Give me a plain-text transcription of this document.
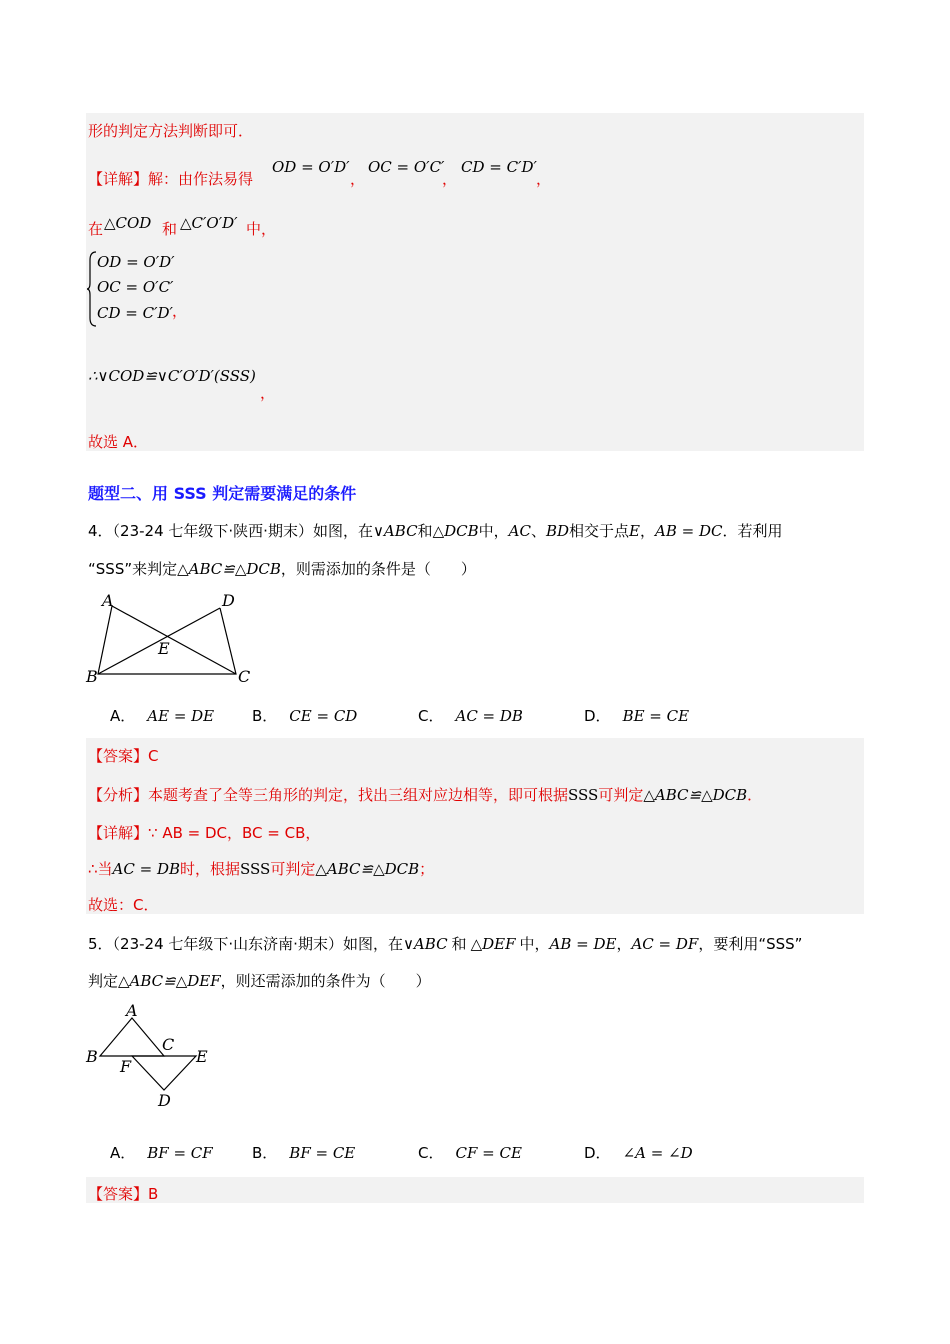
形的判定方法判断即可．
【详解】解：由作法易得
OD = O′D′
，
OC = O′C′
，
CD = C′D′
，
在 △COD 和 △C′O′D′ 中，
OD = O′D′
OC = O′C′
CD = C′D′ ，
∴∨COD≌∨C′O′D′(SSS)
，
故选 A．
题型二、用 SSS 判定需要满足的条件
4．（23-24 七年级下·陕西·期末）如图，在∨ABC和△DCB中，AC、BD相交于点E，AB = DC．若利用
“SSS”来判定△ABC≌△DCB，则需添加的条件是（　　）
A	D
E
B	C
A． AE = DE	B． CE = CD	C． AC = DB	D． BE = CE
【答案】C
【分析】本题考查了全等三角形的判定，找出三组对应边相等，即可根据SSS可判定△ABC≌△DCB．
【详解】∵ AB = DC，BC = CB，
∴当AC = DB时，根据SSS可判定△ABC≌△DCB；
故选：C．
5．（23-24 七年级下·山东济南·期末）如图，在∨ABC 和 △DEF 中，AB = DE，AC = DF，要利用“SSS”
判定△ABC≌△DEF，则还需添加的条件为（　　）
A
B
C
E
F
D
A． BF = CF	B． BF = CE	C． CF = CE	D． ∠A = ∠D
【答案】B
